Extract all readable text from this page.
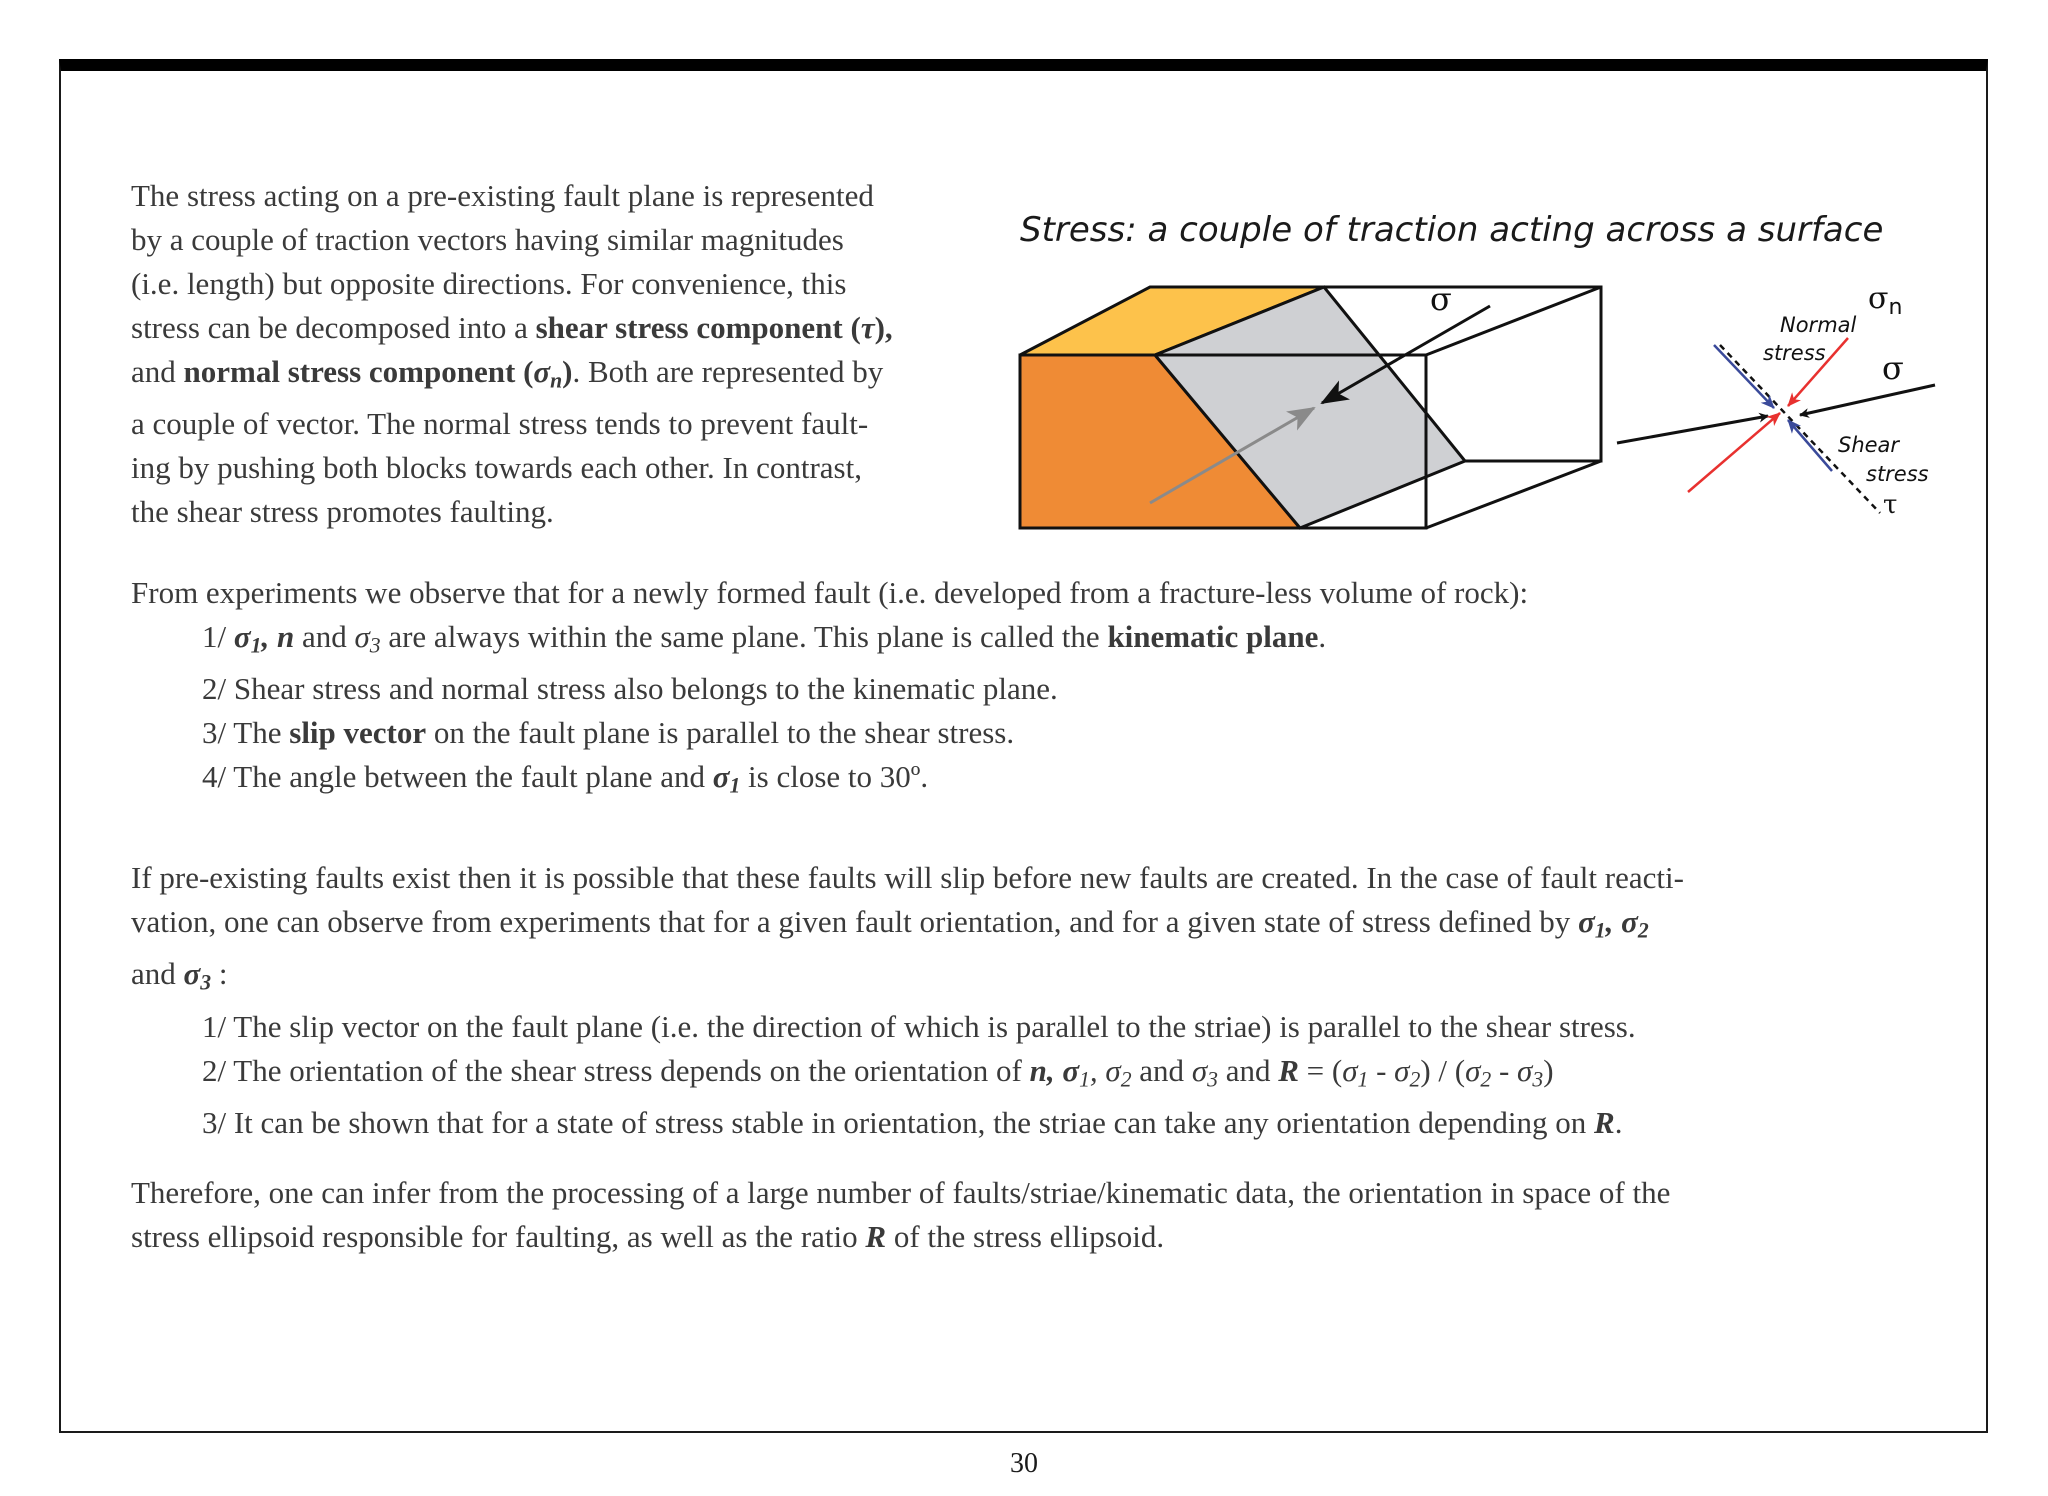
The stress acting on a pre-existing fault plane is represented
by a couple of traction vectors having similar magnitudes
(i.e. length) but opposite directions. For convenience, this
stress can be decomposed into a shear stress component (τ),
and normal stress component $(\sigma_n)$. Both are represented by
a couple of vector. The normal stress tends to prevent fault-
ing by pushing both blocks towards each other. In contrast,
the shear stress promotes faulting.
Stress: a couple of traction acting across a surface
σ	$\sigma_n$
σ
τ
Normal
stress
Shear
stress
From experiments we observe that for a newly formed fault (i.e. developed from a fracture-less volume of rock):
1/ $\sigma_1$, n and $\sigma_3$ are always within the same plane. This plane is called the kinematic plane.
2/ Shear stress and normal stress also belongs to the kinematic plane.
3/ The slip vector on the fault plane is parallel to the shear stress.
4/ The angle between the fault plane and $\sigma_1$ is close to 30º.
If pre-existing faults exist then it is possible that these faults will slip before new faults are created. In the case of fault reacti-
vation, one can observe from experiments that for a given fault orientation, and for a given state of stress defined by $\sigma_1$, $\sigma_2$
and $\sigma_3$ :
1/ The slip vector on the fault plane (i.e. the direction of which is parallel to the striae) is parallel to the shear stress.
2/ The orientation of the shear stress depends on the orientation of n, $\sigma_1$, $\sigma_2$ and $\sigma_3$ and $R = (\sigma_1 - \sigma_2) / (\sigma_2 - \sigma_3)$
3/ It can be shown that for a state of stress stable in orientation, the striae can take any orientation depending on R.
Therefore, one can infer from the processing of a large number of faults/striae/kinematic data, the orientation in space of the
stress ellipsoid responsible for faulting, as well as the ratio R of the stress ellipsoid.
30
